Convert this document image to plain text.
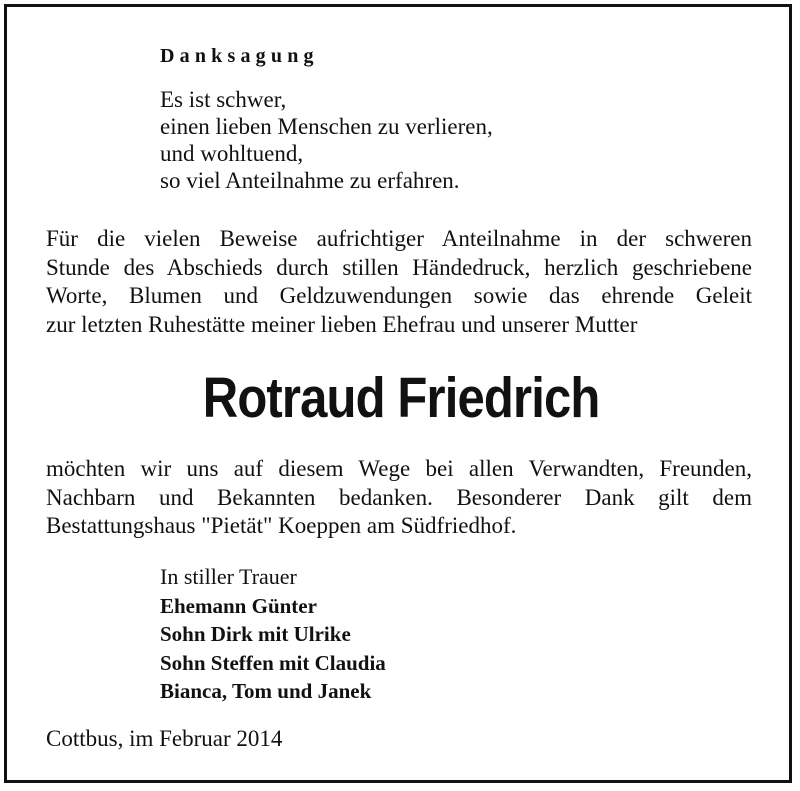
Danksagung
Es ist schwer,
einen lieben Menschen zu verlieren,
und wohltuend,
so viel Anteilnahme zu erfahren.
Für die vielen Beweise aufrichtiger Anteilnahme in der schweren
Stunde des Abschieds durch stillen Händedruck, herzlich geschriebene
Worte, Blumen und Geldzuwendungen sowie das ehrende Geleit
zur letzten Ruhestätte meiner lieben Ehefrau und unserer Mutter
Rotraud Friedrich
möchten wir uns auf diesem Wege bei allen Verwandten, Freunden,
Nachbarn und Bekannten bedanken. Besonderer Dank gilt dem
Bestattungshaus "Pietät" Koeppen am Südfriedhof.
In stiller Trauer
Ehemann Günter
Sohn Dirk mit Ulrike
Sohn Steffen mit Claudia
Bianca, Tom und Janek
Cottbus, im Februar 2014
